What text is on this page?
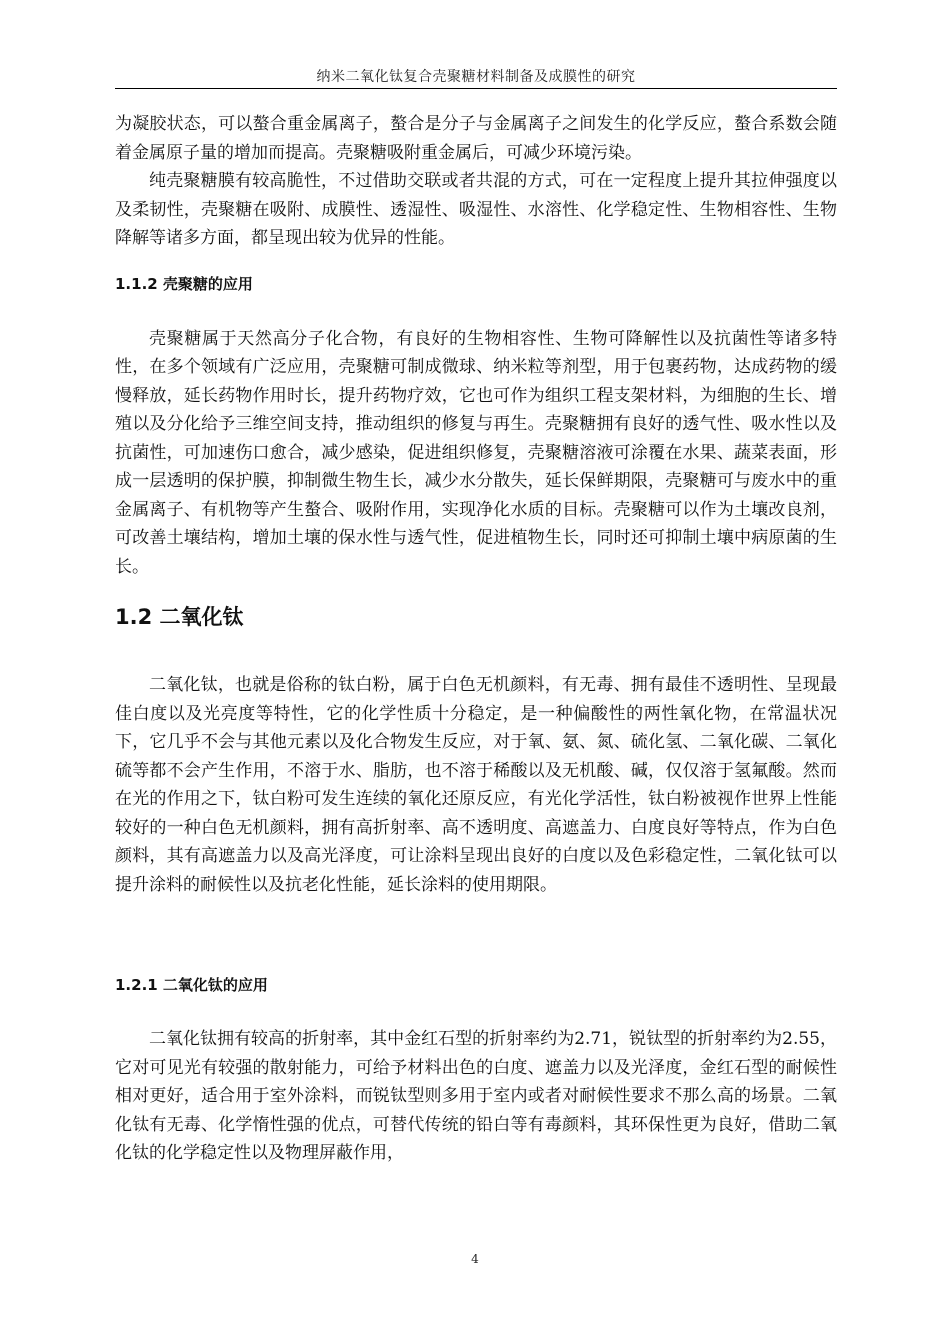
纳米二氧化钛复合壳聚糖材料制备及成膜性的研究

为凝胶状态，可以螯合重金属离子，螯合是分子与金属离子之间发生的化学反应，螯合系数会随着金属原子量的增加而提高。壳聚糖吸附重金属后，可减少环境污染。

纯壳聚糖膜有较高脆性，不过借助交联或者共混的方式，可在一定程度上提升其拉伸强度以及柔韧性，壳聚糖在吸附、成膜性、透湿性、吸湿性、水溶性、化学稳定性、生物相容性、生物降解等诸多方面，都呈现出较为优异的性能。

1.1.2 壳聚糖的应用

壳聚糖属于天然高分子化合物，有良好的生物相容性、生物可降解性以及抗菌性等诸多特性，在多个领域有广泛应用，壳聚糖可制成微球、纳米粒等剂型，用于包裹药物，达成药物的缓慢释放，延长药物作用时长，提升药物疗效，它也可作为组织工程支架材料，为细胞的生长、增殖以及分化给予三维空间支持，推动组织的修复与再生。壳聚糖拥有良好的透气性、吸水性以及抗菌性，可加速伤口愈合，减少感染，促进组织修复，壳聚糖溶液可涂覆在水果、蔬菜表面，形成一层透明的保护膜，抑制微生物生长，减少水分散失，延长保鲜期限，壳聚糖可与废水中的重金属离子、有机物等产生螯合、吸附作用，实现净化水质的目标。壳聚糖可以作为土壤改良剂，可改善土壤结构，增加土壤的保水性与透气性，促进植物生长，同时还可抑制土壤中病原菌的生长。

1.2 二氧化钛

二氧化钛，也就是俗称的钛白粉，属于白色无机颜料，有无毒、拥有最佳不透明性、呈现最佳白度以及光亮度等特性，它的化学性质十分稳定，是一种偏酸性的两性氧化物，在常温状况下，它几乎不会与其他元素以及化合物发生反应，对于氧、氨、氮、硫化氢、二氧化碳、二氧化硫等都不会产生作用，不溶于水、脂肪，也不溶于稀酸以及无机酸、碱，仅仅溶于氢氟酸。然而在光的作用之下，钛白粉可发生连续的氧化还原反应，有光化学活性，钛白粉被视作世界上性能较好的一种白色无机颜料，拥有高折射率、高不透明度、高遮盖力、白度良好等特点，作为白色颜料，其有高遮盖力以及高光泽度，可让涂料呈现出良好的白度以及色彩稳定性，二氧化钛可以提升涂料的耐候性以及抗老化性能，延长涂料的使用期限。

1.2.1 二氧化钛的应用

二氧化钛拥有较高的折射率，其中金红石型的折射率约为2.71，锐钛型的折射率约为2.55，它对可见光有较强的散射能力，可给予材料出色的白度、遮盖力以及光泽度，金红石型的耐候性相对更好，适合用于室外涂料，而锐钛型则多用于室内或者对耐候性要求不那么高的场景。二氧化钛有无毒、化学惰性强的优点，可替代传统的铅白等有毒颜料，其环保性更为良好，借助二氧化钛的化学稳定性以及物理屏蔽作用，

4
